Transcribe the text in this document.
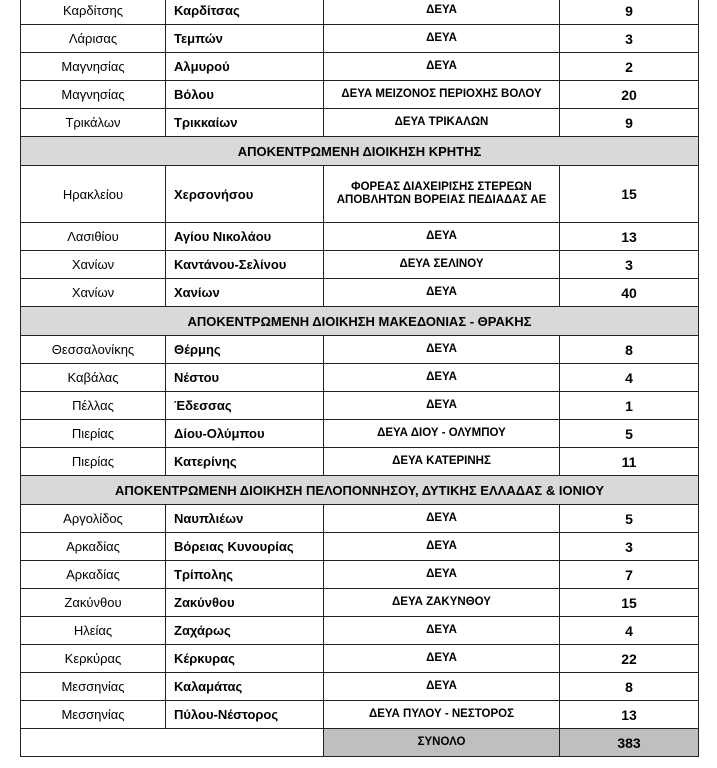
Καρδίτσης	Καρδίτσας	ΔΕΥΑ	9
Λάρισας	Τεμπών	ΔΕΥΑ	3
Μαγνησίας	Αλμυρού	ΔΕΥΑ	2
Μαγνησίας	Βόλου	ΔΕΥΑ ΜΕΙΖΟΝΟΣ ΠΕΡΙΟΧΗΣ ΒΟΛΟΥ	20
Τρικάλων	Τρικκαίων	ΔΕΥΑ ΤΡΙΚΑΛΩΝ	9
ΑΠΟΚΕΝΤΡΩΜΕΝΗ ΔΙΟΙΚΗΣΗ ΚΡΗΤΗΣ			
Ηρακλείου	Χερσονήσου	ΦΟΡΕΑΣ ΔΙΑΧΕΙΡΙΣΗΣ ΣΤΕΡΕΩΝ ΑΠΟΒΛΗΤΩΝ ΒΟΡΕΙΑΣ ΠΕΔΙΑΔΑΣ ΑΕ	15
Λασιθίου	Αγίου Νικολάου	ΔΕΥΑ	13
Χανίων	Καντάνου-Σελίνου	ΔΕΥΑ ΣΕΛΙΝΟΥ	3
Χανίων	Χανίων	ΔΕΥΑ	40
ΑΠΟΚΕΝΤΡΩΜΕΝΗ ΔΙΟΙΚΗΣΗ ΜΑΚΕΔΟΝΙΑΣ - ΘΡΑΚΗΣ			
Θεσσαλονίκης	Θέρμης	ΔΕΥΑ	8
Καβάλας	Νέστου	ΔΕΥΑ	4
Πέλλας	Έδεσσας	ΔΕΥΑ	1
Πιερίας	Δίου-Ολύμπου	ΔΕΥΑ ΔΙΟΥ - ΟΛΥΜΠΟΥ	5
Πιερίας	Κατερίνης	ΔΕΥΑ ΚΑΤΕΡΙΝΗΣ	11
ΑΠΟΚΕΝΤΡΩΜΕΝΗ ΔΙΟΙΚΗΣΗ ΠΕΛΟΠΟΝΝΗΣΟΥ, ΔΥΤΙΚΗΣ ΕΛΛΑΔΑΣ & ΙΟΝΙΟΥ			
Αργολίδος	Ναυπλιέων	ΔΕΥΑ	5
Αρκαδίας	Βόρειας Κυνουρίας	ΔΕΥΑ	3
Αρκαδίας	Τρίπολης	ΔΕΥΑ	7
Ζακύνθου	Ζακύνθου	ΔΕΥΑ ΖΑΚΥΝΘΟΥ	15
Ηλείας	Ζαχάρως	ΔΕΥΑ	4
Κερκύρας	Κέρκυρας	ΔΕΥΑ	22
Μεσσηνίας	Καλαμάτας	ΔΕΥΑ	8
Μεσσηνίας	Πύλου-Νέστορος	ΔΕΥΑ ΠΥΛΟΥ - ΝΕΣΤΟΡΟΣ	13
		ΣΥΝΟΛΟ	383
